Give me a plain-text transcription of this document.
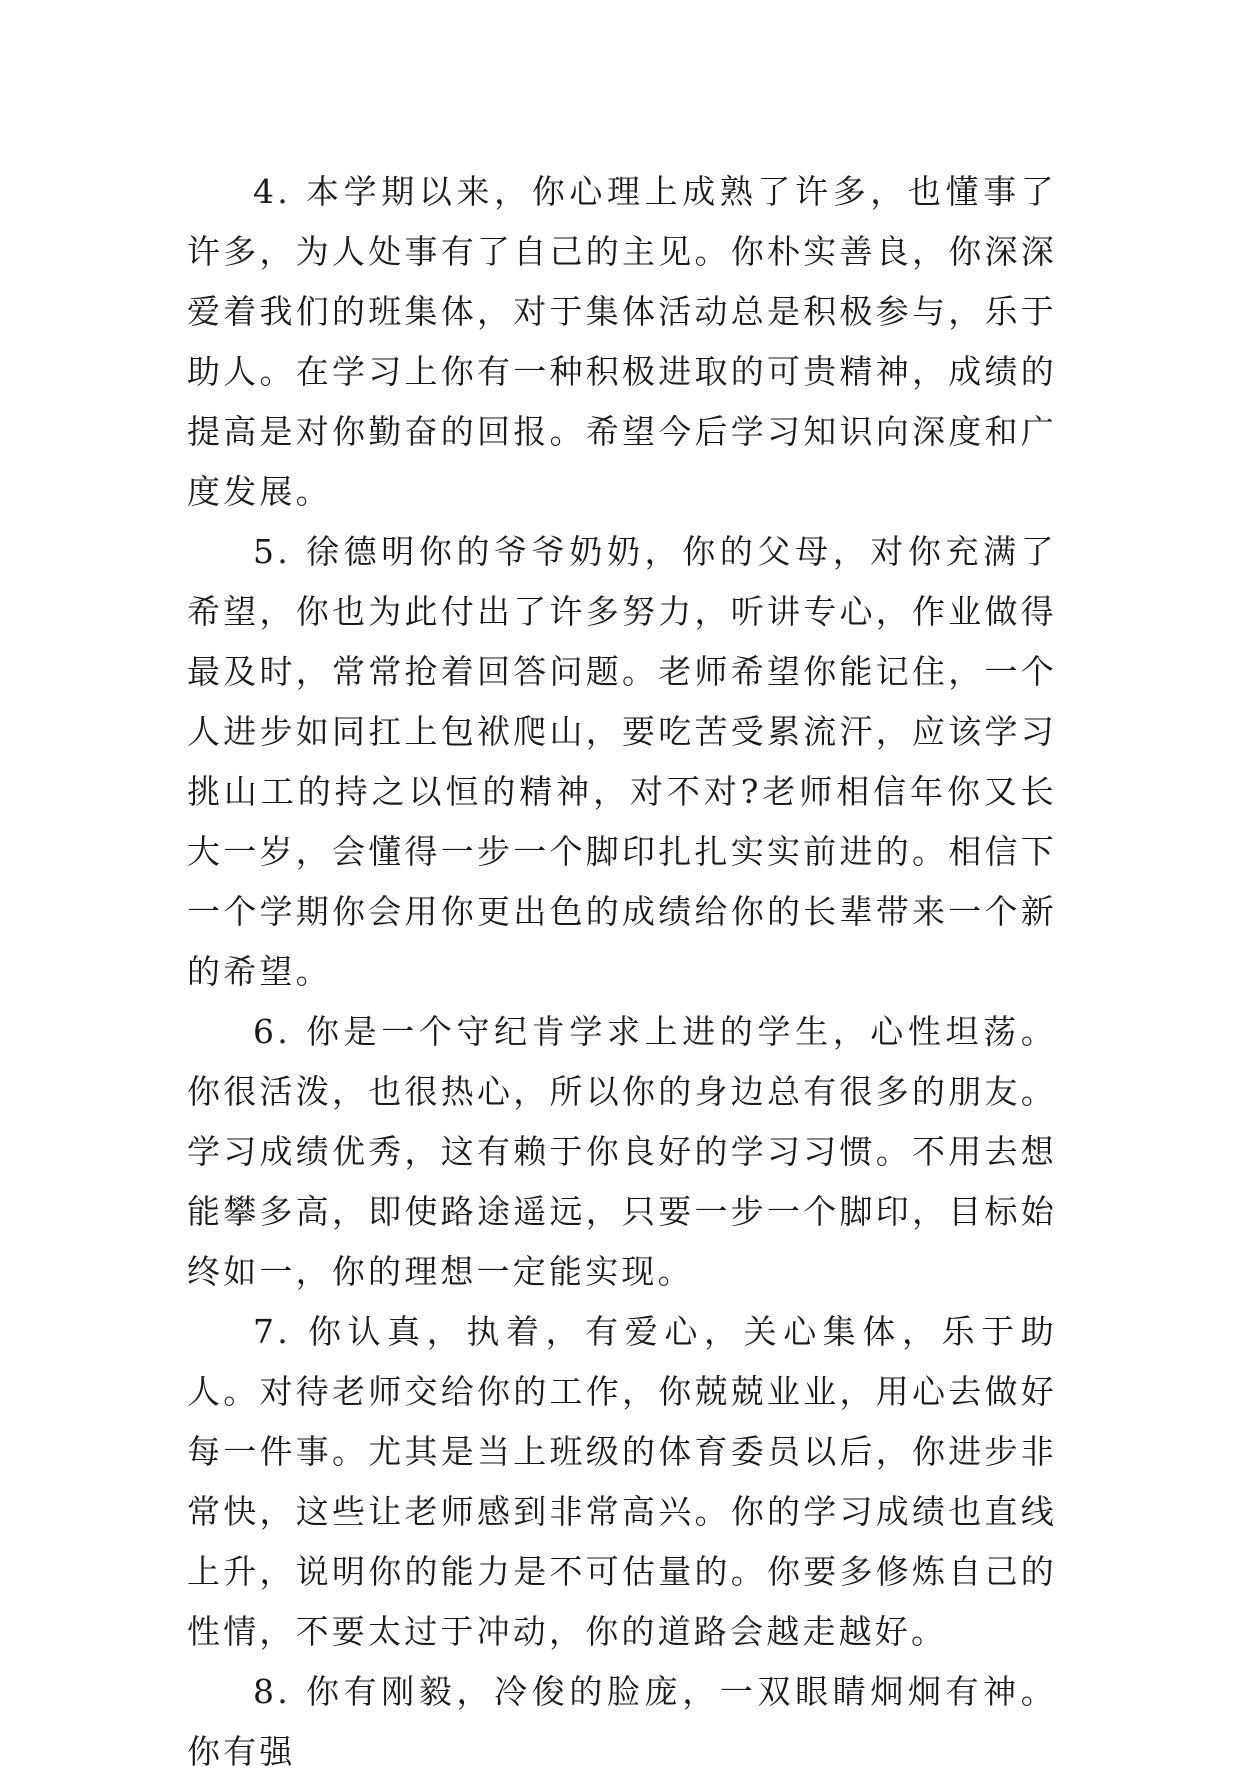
4. 本学期以来，你心理上成熟了许多，也懂事了许多，为人处事有了自己的主见。你朴实善良，你深深爱着我们的班集体，对于集体活动总是积极参与，乐于助人。在学习上你有一种积极进取的可贵精神，成绩的提高是对你勤奋的回报。希望今后学习知识向深度和广度发展。

5. 徐德明你的爷爷奶奶，你的父母，对你充满了希望，你也为此付出了许多努力，听讲专心，作业做得最及时，常常抢着回答问题。老师希望你能记住，一个人进步如同扛上包袱爬山，要吃苦受累流汗，应该学习挑山工的持之以恒的精神，对不对?老师相信年你又长大一岁，会懂得一步一个脚印扎扎实实前进的。相信下一个学期你会用你更出色的成绩给你的长辈带来一个新的希望。

6. 你是一个守纪肯学求上进的学生，心性坦荡。你很活泼，也很热心，所以你的身边总有很多的朋友。学习成绩优秀，这有赖于你良好的学习习惯。不用去想能攀多高，即使路途遥远，只要一步一个脚印，目标始终如一，你的理想一定能实现。

7. 你认真，执着，有爱心，关心集体，乐于助人。对待老师交给你的工作，你兢兢业业，用心去做好每一件事。尤其是当上班级的体育委员以后，你进步非常快，这些让老师感到非常高兴。你的学习成绩也直线上升，说明你的能力是不可估量的。你要多修炼自己的性情，不要太过于冲动，你的道路会越走越好。

8. 你有刚毅，冷俊的脸庞，一双眼睛炯炯有神。你有强
